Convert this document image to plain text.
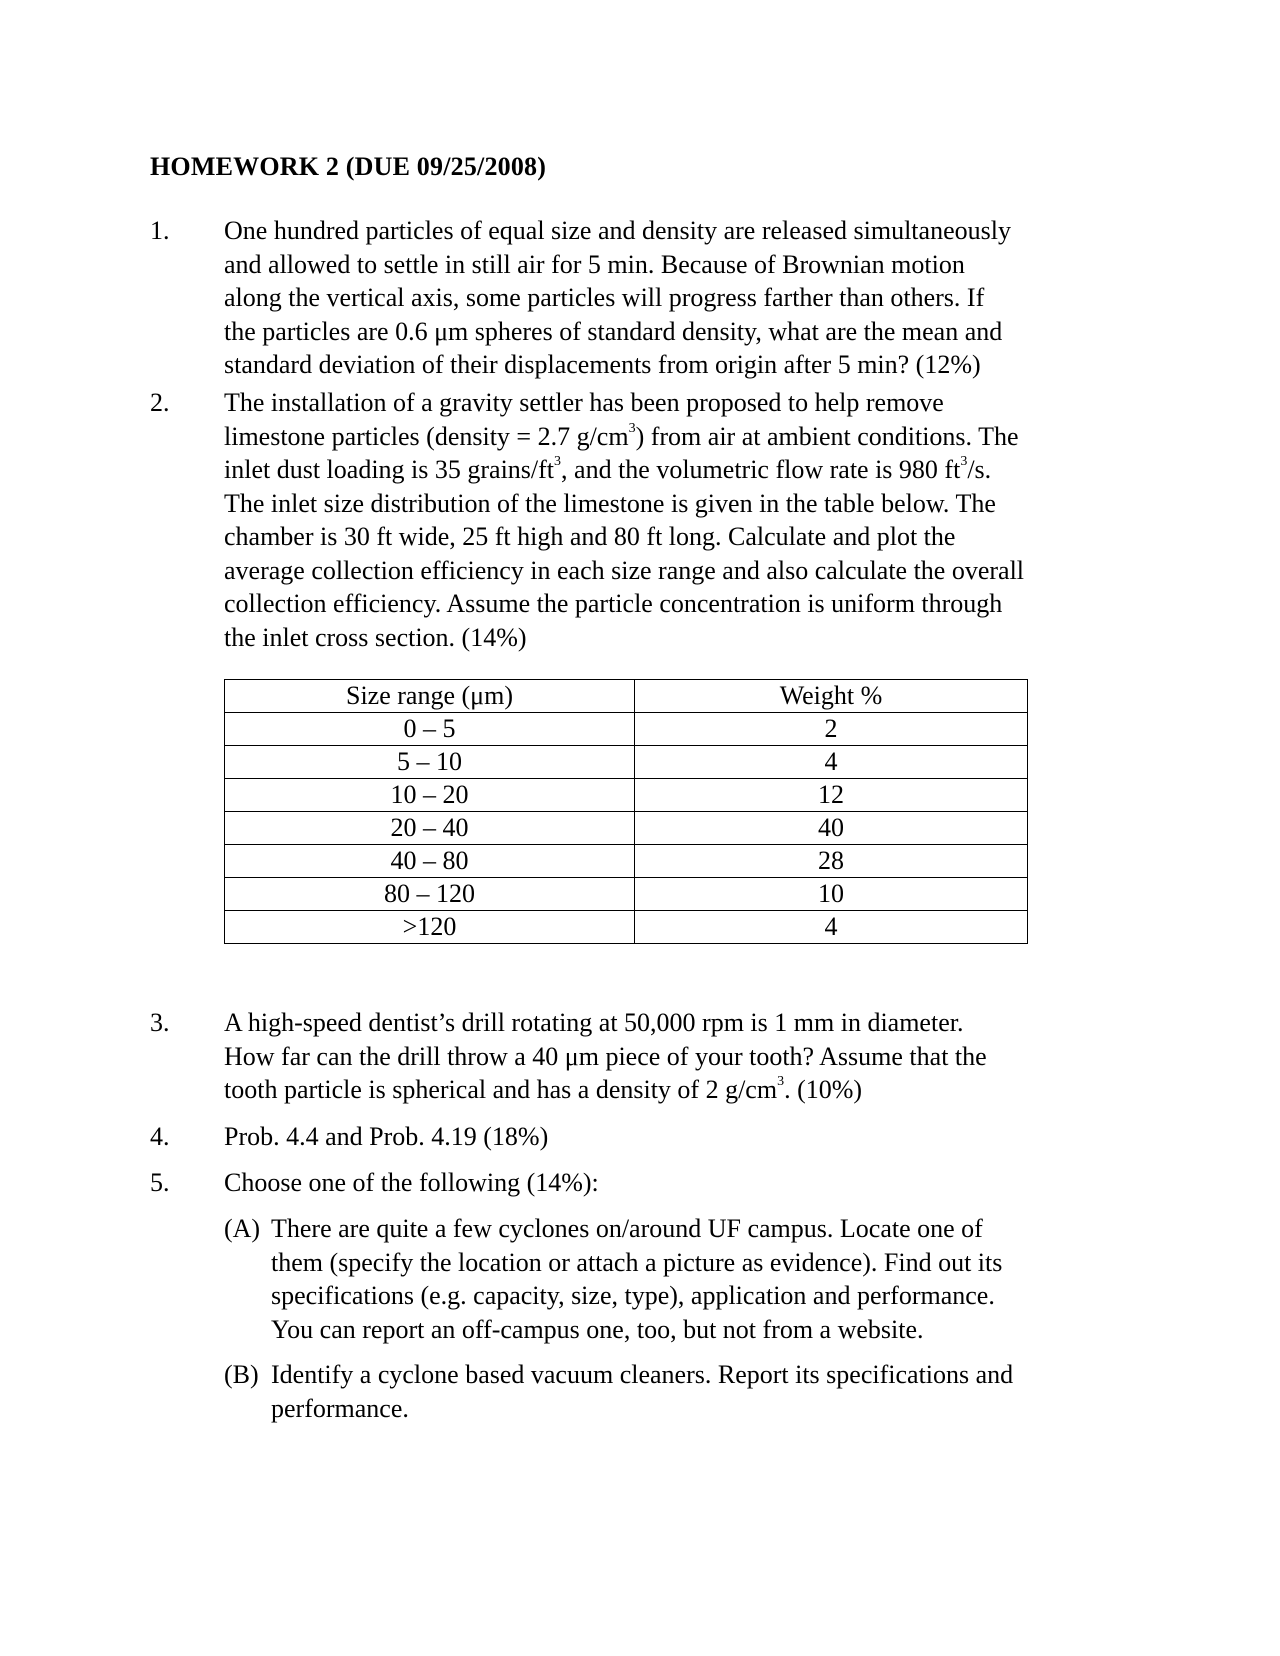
HOMEWORK 2 (DUE 09/25/2008)
1.	One hundred particles of equal size and density are released simultaneously
and allowed to settle in still air for 5 min. Because of Brownian motion
along the vertical axis, some particles will progress farther than others. If
the particles are 0.6 μm spheres of standard density, what are the mean and
standard deviation of their displacements from origin after 5 min? (12%)
2.	The installation of a gravity settler has been proposed to help remove
limestone particles (density = 2.7 $g/cm^3$) from air at ambient conditions. The
inlet dust loading is 35 grains/$ft^3$, and the volumetric flow rate is 980 $ft^3/s$.
The inlet size distribution of the limestone is given in the table below. The
chamber is 30 ft wide, 25 ft high and 80 ft long. Calculate and plot the
average collection efficiency in each size range and also calculate the overall
collection efficiency. Assume the particle concentration is uniform through
the inlet cross section. (14%)
Size range (μm)	Weight %
0 – 5	2
5 – 10	4
10 – 20	12
20 – 40	40
40 – 80	28
80 – 120	10
>120	4
3.	A high-speed dentist’s drill rotating at 50,000 rpm is 1 mm in diameter.
How far can the drill throw a 40 μm piece of your tooth? Assume that the
tooth particle is spherical and has a density of 2 $g/cm^3$. (10%)
4.	Prob. 4.4 and Prob. 4.19 (18%)
5.	Choose one of the following (14%):
(A) There are quite a few cyclones on/around UF campus. Locate one of
them (specify the location or attach a picture as evidence). Find out its
specifications (e.g. capacity, size, type), application and performance.
You can report an off-campus one, too, but not from a website.
(B) Identify a cyclone based vacuum cleaners. Report its specifications and
performance.
